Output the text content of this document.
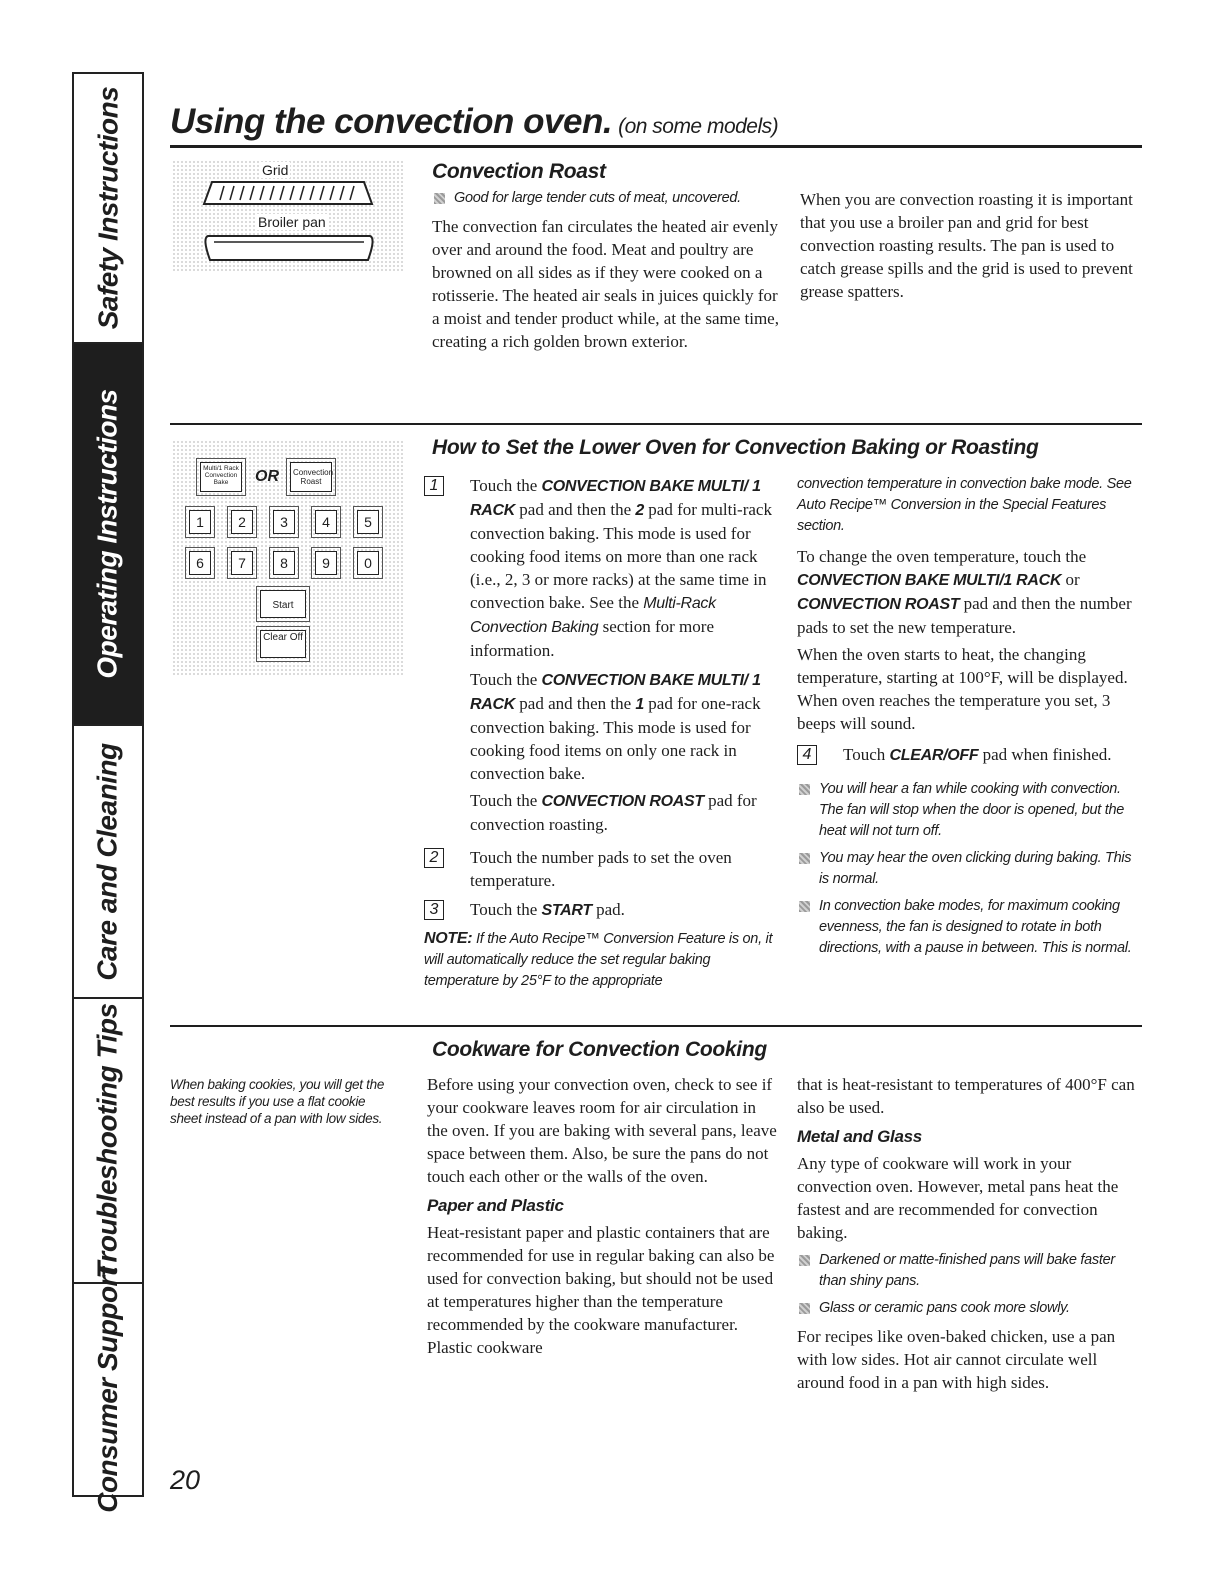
Safety Instructions
Operating Instructions
Care and Cleaning
Troubleshooting Tips
Consumer Support
Using the convection oven. (on some models)
Grid
Broiler pan
Convection Roast
Good for large tender cuts of meat, uncovered.

The convection fan circulates the heated air evenly over and around the food. Meat and poultry are browned on all sides as if they were cooked on a rotisserie. The heated air seals in juices quickly for a moist and tender product while, at the same time, creating a rich golden brown exterior.

When you are convection roasting it is important that you use a broiler pan and grid for best convection roasting results. The pan is used to catch grease spills and the grid is used to prevent grease spatters.

Multi/1 Rack Convection Bake	OR	Convection Roast
1	2	3	4	5
6	7	8	9	0
Start
Clear Off
How to Set the Lower Oven for Convection Baking or Roasting
1	Touch the CONVECTION BAKE MULTI/ 1 RACK pad and then the 2 pad for multi-rack convection baking. This mode is used for cooking food items on more than one rack (i.e., 2, 3 or more racks) at the same time in convection bake. See the Multi-Rack Convection Baking section for more information.

Touch the CONVECTION BAKE MULTI/ 1 RACK pad and then the 1 pad for one-rack convection baking. This mode is used for cooking food items on only one rack in convection bake.

Touch the CONVECTION ROAST pad for convection roasting.

2	Touch the number pads to set the oven temperature.
3	Touch the START pad.
NOTE: If the Auto Recipe™ Conversion Feature is on, it will automatically reduce the set regular baking temperature by 25°F to the appropriate
convection temperature in convection bake mode. See Auto Recipe™ Conversion in the Special Features section.

To change the oven temperature, touch the CONVECTION BAKE MULTI/1 RACK or CONVECTION ROAST pad and then the number pads to set the new temperature.

When the oven starts to heat, the changing temperature, starting at 100°F, will be displayed. When oven reaches the temperature you set, 3 beeps will sound.

4	Touch CLEAR/OFF pad when finished.
You will hear a fan while cooking with convection. The fan will stop when the door is opened, but the heat will not turn off.
You may hear the oven clicking during baking. This is normal.
In convection bake modes, for maximum cooking evenness, the fan is designed to rotate in both directions, with a pause in between. This is normal.
When baking cookies, you will get the best results if you use a flat cookie sheet instead of a pan with low sides.
Cookware for Convection Cooking

Before using your convection oven, check to see if your cookware leaves room for air circulation in the oven. If you are baking with several pans, leave space between them. Also, be sure the pans do not touch each other or the walls of the oven.

Paper and Plastic

Heat-resistant paper and plastic containers that are recommended for use in regular baking can also be used for convection baking, but should not be used at temperatures higher than the temperature recommended by the cookware manufacturer. Plastic cookware

that is heat-resistant to temperatures of 400°F can also be used.

Metal and Glass

Any type of cookware will work in your convection oven. However, metal pans heat the fastest and are recommended for convection baking.

Darkened or matte-finished pans will bake faster than shiny pans.
Glass or ceramic pans cook more slowly.

For recipes like oven-baked chicken, use a pan with low sides. Hot air cannot circulate well around food in a pan with high sides.

20
